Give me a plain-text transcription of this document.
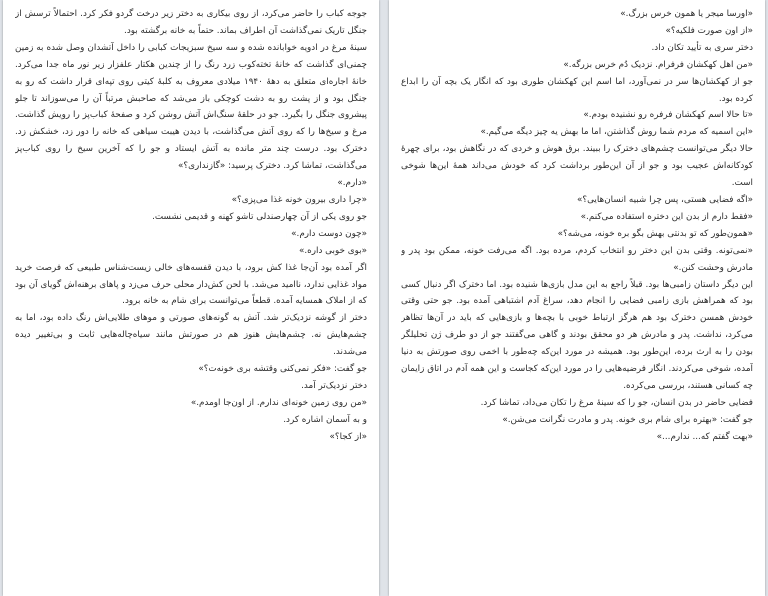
«اورسا میجر یا همون خرس بزرگ.»

«از اون صورت فلکیه؟»

دختر سری به تأیید تکان داد.

«من اهل کهکشان فرفرام. نزدیک دُم خرس بزرگه.»

جو از کهکشان‌ها سر در نمی‌آورد، اما اسم این کهکشان طوری بود که انگار یک بچه آن را ابداع کرده بود.

«تا حالا اسم کهکشان فرفره رو نشنیده بودم.»

«این اسمیه که مردم شما روش گذاشتن، اما ما بهش یه چیز دیگه می‌گیم.»

حالا دیگر می‌توانست چشم‌های دخترک را ببیند. برق هوش و خردی که در نگاهش بود، برای چهرهٔ کودکانه‌اش عجیب بود و جو از آن این‌طور برداشت کرد که خودش می‌داند همهٔ این‌ها شوخی است.

«اگه فضایی هستی، پس چرا شبیه انسان‌هایی؟»

«فقط دارم از بدن این دختره استفاده می‌کنم.»

«همون‌طور که تو بدنتی بهش بگو بره خونه، می‌شه؟»

«نمی‌تونه. وقتی بدن این دختر رو انتخاب کردم، مرده بود. اگه می‌رفت خونه، ممکن بود پدر و مادرش وحشت کنن.»

این دیگر داستان زامبی‌ها بود. قبلاً راجع به این مدل بازی‌ها شنیده بود. اما دخترک اگر دنبال کسی بود که همراهش بازی زامبی فضایی را انجام دهد، سراغ آدم اشتباهی آمده بود. جو حتی وقتی خودش همسن دخترک بود هم هرگز ارتباط خوبی با بچه‌ها و بازی‌هایی که باید در آن‌ها تظاهر می‌کرد، نداشت. پدر و مادرش هر دو محقق بودند و گاهی می‌گفتند جو از دو طرف ژن تحلیلگر بودن را به ارث برده، این‌طور بود. همیشه در مورد این‌که چه‌طور با اخمی روی صورتش به دنیا آمده، شوخی می‌کردند. انگار فرضیه‌هایی را در مورد این‌که کجاست و این همه آدم در اتاق زایمان چه کسانی هستند، بررسی می‌کرده.

فضایی حاضر در بدن انسان، جو را که سینهٔ مرغ را تکان می‌داد، تماشا کرد.

جو گفت: «بهتره برای شام بری خونه. پدر و مادرت نگرانت می‌شن.»

«بهت گفتم که... ندارم...»

جوجه کباب را حاضر می‌کرد، از روی بیکاری به دختر زیر درخت گردو فکر کرد. احتمالاً ترسش از جنگل تاریک نمی‌گذاشت آن اطراف بماند. حتماً به خانه برگشته بود.

سینهٔ مرغ در ادویه خوابانده شده و سه سیخ سبزیجات کبابی را داخل آتشدان وصل شده به زمین چمنی‌ای گذاشت که خانهٔ تخته‌کوب زرد رنگ را از چندین هکتار علفزار زیر نور ماه جدا می‌کرد. خانهٔ اجاره‌ای متعلق به دههٔ ۱۹۴۰ میلادی معروف به کلبهٔ کیتی روی تپه‌ای قرار داشت که رو به جنگل بود و از پشت رو به دشت کوچکی باز می‌شد که صاحبش مرتباً آن را می‌سوزاند تا جلو پیشروی جنگل را بگیرد. جو در حلقهٔ سنگ‌اش آتش روشن کرد و صفحهٔ کباب‌پز را رویش گذاشت. مرغ و سیخ‌ها را که روی آتش می‌گذاشت، با دیدن هیبت سیاهی که خانه را دور زد، خشکش زد. دخترک بود. درست چند متر مانده به آتش ایستاد و جو را که آخرین سیخ را روی کباب‌پز می‌گذاشت، تماشا کرد. دخترک پرسید: «گازنداری؟»

«دارم.»

«چرا داری بیرون خونه غذا می‌پزی؟»

جو روی یکی از آن چهارصندلی تاشو کهنه و قدیمی نشست.

«چون دوست دارم.»

«بوی خوبی داره.»

اگر آمده بود آن‌جا غذا کش برود، با دیدن قفسه‌های خالی زیست‌شناس طبیعی که فرصت خرید مواد غذایی ندارد، ناامید می‌شد. با لحن کش‌دار محلی حرف می‌زد و پاهای برهنه‌اش گویای آن بود که از املاک همسایه آمده. قطعاً می‌توانست برای شام به خانه برود.

دختر از گوشه نزدیک‌تر شد. آتش به گونه‌های صورتی و موهای طلایی‌اش رنگ داده بود، اما به چشم‌هایش نه. چشم‌هایش هنوز هم در صورتش مانند سیاه‌چاله‌هایی ثابت و بی‌تغییر دیده می‌شدند.

جو گفت: «فکر نمی‌کنی وقتشه بری خونه‌ت؟»

دختر نزدیک‌تر آمد.

«من روی زمین خونه‌ای ندارم. از اون‌جا اومدم.»

و به آسمان اشاره کرد.

«از کجا؟»
